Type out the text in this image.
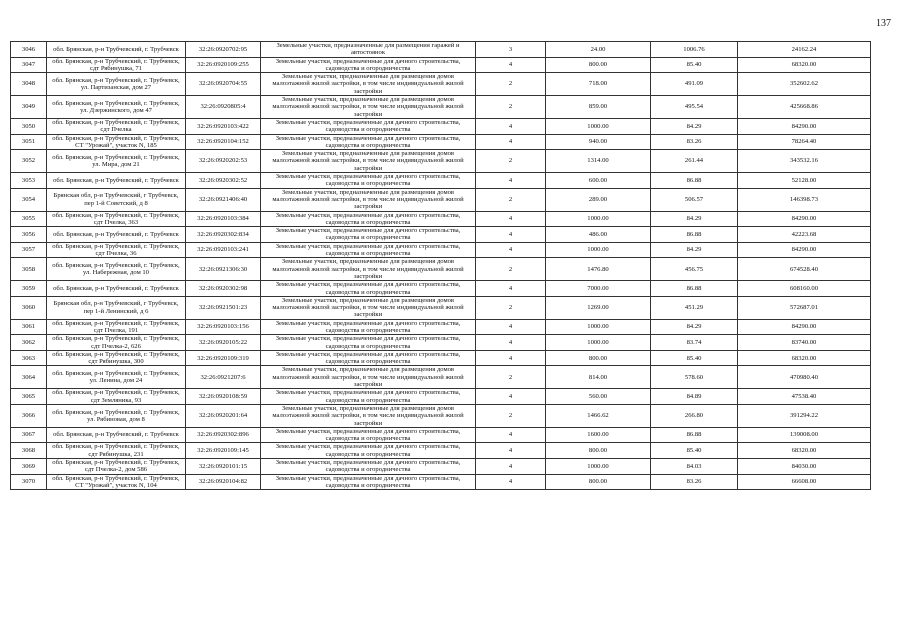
137
3046	обл. Брянская, р-н Трубчевский, г. Трубчевск	32:26:0920702:95	Земельные участки, предназначенные для размещения гаражей и автостоянок	3	24.00	1006.76	24162.24
3047	обл. Брянская, р-н Трубчевский, г. Трубчевск, сдт Рябинушка, 71	32:26:0920109:255	Земельные участки, предназначенные для дачного строительства, садоводства и огородничества	4	800.00	85.40	68320.00
3048	обл. Брянская, р-н Трубчевский, г. Трубчевск, ул. Партизанская, дом 27	32:26:0920704:55	Земельные участки, предназначенные для размещения домов малоэтажной жилой застройки, в том числе индивидуальной жилой застройки	2	718.00	491.09	352602.62
3049	обл. Брянская, р-н Трубчевский, г. Трубчевск, ул. Дзержинского, дом 47	32:26:0920805:4	Земельные участки, предназначенные для размещения домов малоэтажной жилой застройки, в том числе индивидуальной жилой застройки	2	859.00	495.54	425668.86
3050	обл. Брянская, р-н Трубчевский, г. Трубчевск, сдт Пчелка	32:26:0920103:422	Земельные участки, предназначенные для дачного строительства, садоводства и огородничества	4	1000.00	84.29	84290.00
3051	обл. Брянская, р-н Трубчевский, г. Трубчевск, СТ "Урожай", участок N, 185	32:26:0920104:152	Земельные участки, предназначенные для дачного строительства, садоводства и огородничества	4	940.00	83.26	78264.40
3052	обл. Брянская, р-н Трубчевский, г. Трубчевск, ул. Мира, дом 21	32:26:0920202:53	Земельные участки, предназначенные для размещения домов малоэтажной жилой застройки, в том числе индивидуальной жилой застройки	2	1314.00	261.44	343532.16
3053	обл. Брянская, р-н Трубчевский, г. Трубчевск	32:26:0920302:52	Земельные участки, предназначенные для дачного строительства, садоводства и огородничества	4	600.00	86.88	52128.00
3054	Брянская обл, р-н Трубчевский, г Трубчевск, пер 1-й Советский, д 8	32:26:0921406:40	Земельные участки, предназначенные для размещения домов малоэтажной жилой застройки, в том числе индивидуальной жилой застройки	2	289.00	506.57	146398.73
3055	обл. Брянская, р-н Трубчевский, г. Трубчевск, сдт Пчелка, 363	32:26:0920103:384	Земельные участки, предназначенные для дачного строительства, садоводства и огородничества	4	1000.00	84.29	84290.00
3056	обл. Брянская, р-н Трубчевский, г. Трубчевск	32:26:0920302:834	Земельные участки, предназначенные для дачного строительства, садоводства и огородничества	4	486.00	86.88	42223.68
3057	обл. Брянская, р-н Трубчевский, г. Трубчевск, сдт Пчелка, 36	32:26:0920103:241	Земельные участки, предназначенные для дачного строительства, садоводства и огородничества	4	1000.00	84.29	84290.00
3058	обл. Брянская, р-н Трубчевский, г. Трубчевск, ул. Набережная, дом 10	32:26:0921306:30	Земельные участки, предназначенные для размещения домов малоэтажной жилой застройки, в том числе индивидуальной жилой застройки	2	1476.80	456.75	674528.40
3059	обл. Брянская, р-н Трубчевский, г. Трубчевск	32:26:0920302:98	Земельные участки, предназначенные для дачного строительства, садоводства и огородничества	4	7000.00	86.88	608160.00
3060	Брянская обл, р-н Трубчевский, г Трубчевск, пер 1-й Ленинский, д 6	32:26:0921501:23	Земельные участки, предназначенные для размещения домов малоэтажной жилой застройки, в том числе индивидуальной жилой застройки	2	1269.00	451.29	572687.01
3061	обл. Брянская, р-н Трубчевский, г. Трубчевск, сдт Пчелка, 191	32:26:0920103:156	Земельные участки, предназначенные для дачного строительства, садоводства и огородничества	4	1000.00	84.29	84290.00
3062	обл. Брянская, р-н Трубчевский, г. Трубчевск, сдт Пчелка-2, 626	32:26:0920105:22	Земельные участки, предназначенные для дачного строительства, садоводства и огородничества	4	1000.00	83.74	83740.00
3063	обл. Брянская, р-н Трубчевский, г. Трубчевск, сдт Рябинушка, 300	32:26:0920109:319	Земельные участки, предназначенные для дачного строительства, садоводства и огородничества	4	800.00	85.40	68320.00
3064	обл. Брянская, р-н Трубчевский, г. Трубчевск, ул. Ленина, дом 24	32:26:0921207:6	Земельные участки, предназначенные для размещения домов малоэтажной жилой застройки, в том числе индивидуальной жилой застройки	2	814.00	578.60	470980.40
3065	обл. Брянская, р-н Трубчевский, г. Трубчевск, сдт Земляника, 93	32:26:0920108:59	Земельные участки, предназначенные для дачного строительства, садоводства и огородничества	4	560.00	84.89	47538.40
3066	обл. Брянская, р-н Трубчевский, г. Трубчевск, ул. Рябиновая, дом 8	32:26:0920201:64	Земельные участки, предназначенные для размещения домов малоэтажной жилой застройки, в том числе индивидуальной жилой застройки	2	1466.62	266.80	391294.22
3067	обл. Брянская, р-н Трубчевский, г. Трубчевск	32:26:0920302:896	Земельные участки, предназначенные для дачного строительства, садоводства и огородничества	4	1600.00	86.88	139008.00
3068	обл. Брянская, р-н Трубчевский, г. Трубчевск, сдт Рябинушка, 231	32:26:0920109:145	Земельные участки, предназначенные для дачного строительства, садоводства и огородничества	4	800.00	85.40	68320.00
3069	обл. Брянская, р-н Трубчевский, г. Трубчевск, сдт Пчелка-2, дом 586	32:26:0920101:15	Земельные участки, предназначенные для дачного строительства, садоводства и огородничества	4	1000.00	84.03	84030.00
3070	обл. Брянская, р-н Трубчевский, г. Трубчевск, СТ "Урожай", участок N, 104	32:26:0920104:82	Земельные участки, предназначенные для дачного строительства, садоводства и огородничества	4	800.00	83.26	66608.00
